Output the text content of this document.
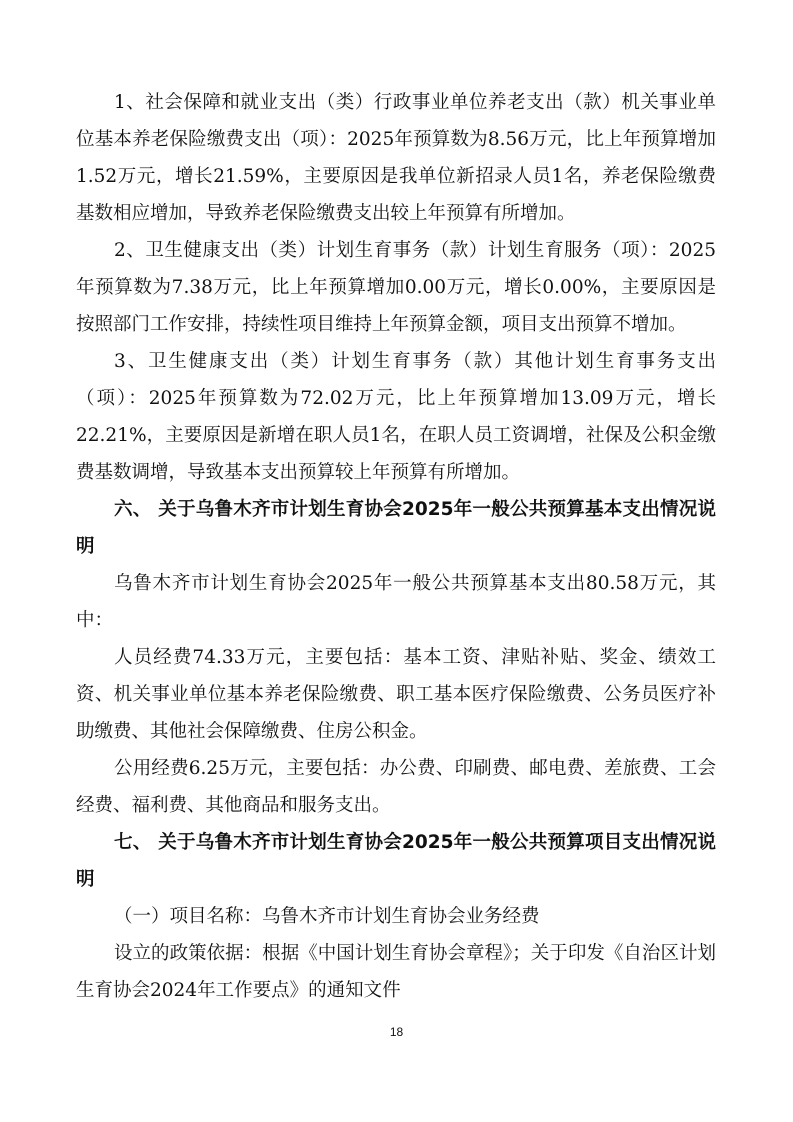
1、社会保障和就业支出（类）行政事业单位养老支出（款）机关事业单位基本养老保险缴费支出（项）：2025年预算数为8.56万元，比上年预算增加1.52万元，增长21.59%，主要原因是我单位新招录人员1名，养老保险缴费基数相应增加，导致养老保险缴费支出较上年预算有所增加。

2、卫生健康支出（类）计划生育事务（款）计划生育服务（项）：2025年预算数为7.38万元，比上年预算增加0.00万元，增长0.00%，主要原因是按照部门工作安排，持续性项目维持上年预算金额，项目支出预算不增加。

3、卫生健康支出（类）计划生育事务（款）其他计划生育事务支出（项）：2025年预算数为72.02万元，比上年预算增加13.09万元，增长22.21%，主要原因是新增在职人员1名，在职人员工资调增，社保及公积金缴费基数调增，导致基本支出预算较上年预算有所增加。

六、 关于乌鲁木齐市计划生育协会2025年一般公共预算基本支出情况说明

乌鲁木齐市计划生育协会2025年一般公共预算基本支出80.58万元，其中：

人员经费74.33万元，主要包括：基本工资、津贴补贴、奖金、绩效工资、机关事业单位基本养老保险缴费、职工基本医疗保险缴费、公务员医疗补助缴费、其他社会保障缴费、住房公积金。

公用经费6.25万元，主要包括：办公费、印刷费、邮电费、差旅费、工会经费、福利费、其他商品和服务支出。

七、 关于乌鲁木齐市计划生育协会2025年一般公共预算项目支出情况说明

（一）项目名称：乌鲁木齐市计划生育协会业务经费

设立的政策依据：根据《中国计划生育协会章程》；关于印发《自治区计划生育协会2024年工作要点》的通知文件

18
